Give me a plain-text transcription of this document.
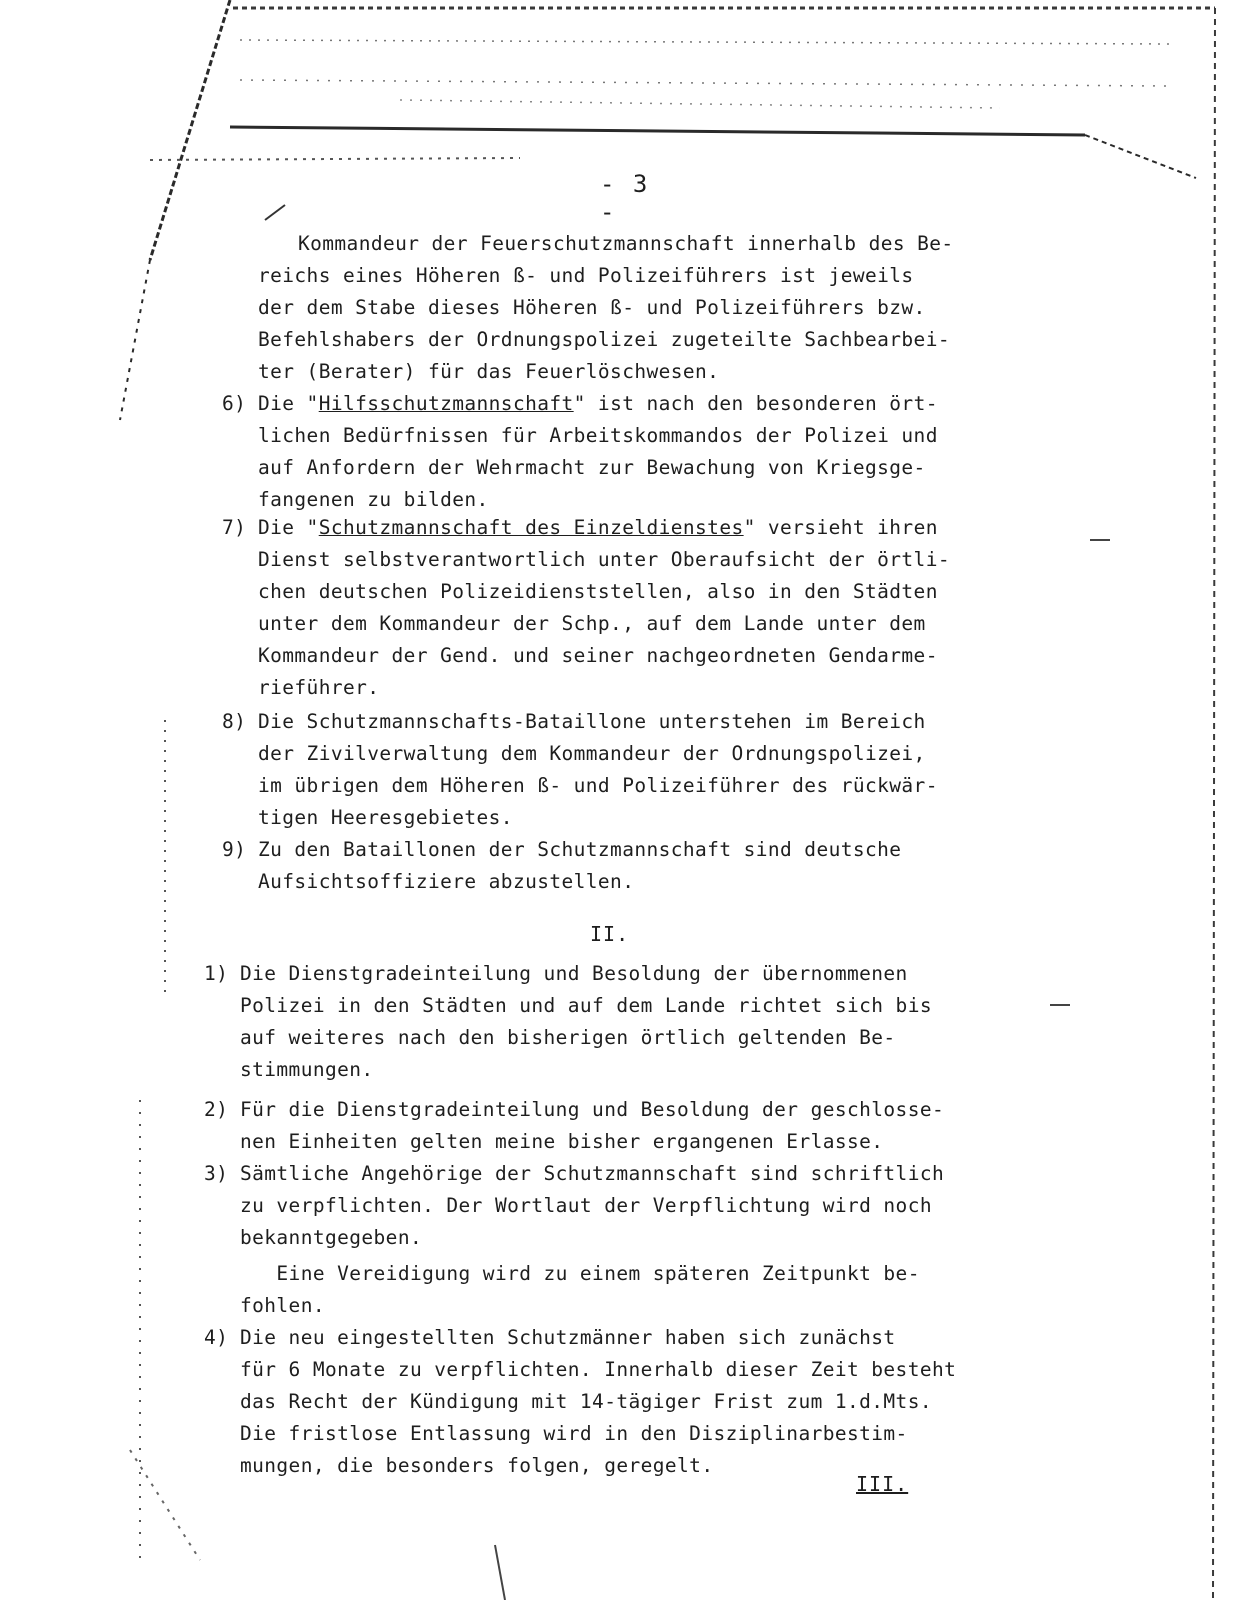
- 3 -
Kommandeur der Feuerschutzmannschaft innerhalb des Be-
reichs eines Höheren ß- und Polizeiführers ist jeweils
der dem Stabe dieses Höheren ß- und Polizeiführers bzw.
Befehlshabers der Ordnungspolizei zugeteilte Sachbearbei-
ter (Berater) für das Feuerlöschwesen.
6) Die "Hilfsschutzmannschaft" ist nach den besonderen ört-
lichen Bedürfnissen für Arbeitskommandos der Polizei und
auf Anfordern der Wehrmacht zur Bewachung von Kriegsge-
fangenen zu bilden.
7) Die "Schutzmannschaft des Einzeldienstes" versieht ihren
Dienst selbstverantwortlich unter Oberaufsicht der örtli-
chen deutschen Polizeidienststellen, also in den Städten
unter dem Kommandeur der Schp., auf dem Lande unter dem
Kommandeur der Gend. und seiner nachgeordneten Gendarme-
rieführer.
8) Die Schutzmannschafts-Bataillone unterstehen im Bereich
der Zivilverwaltung dem Kommandeur der Ordnungspolizei,
im übrigen dem Höheren ß- und Polizeiführer des rückwär-
tigen Heeresgebietes.
9) Zu den Bataillonen der Schutzmannschaft sind deutsche
Aufsichtsoffiziere abzustellen.
II.
1) Die Dienstgradeinteilung und Besoldung der übernommenen
Polizei in den Städten und auf dem Lande richtet sich bis
auf weiteres nach den bisherigen örtlich geltenden Be-
stimmungen.
2) Für die Dienstgradeinteilung und Besoldung der geschlosse-
nen Einheiten gelten meine bisher ergangenen Erlasse.
3) Sämtliche Angehörige der Schutzmannschaft sind schriftlich
zu verpflichten. Der Wortlaut der Verpflichtung wird noch
bekanntgegeben.
Eine Vereidigung wird zu einem späteren Zeitpunkt be-
fohlen.
4) Die neu eingestellten Schutzmänner haben sich zunächst
für 6 Monate zu verpflichten. Innerhalb dieser Zeit besteht
das Recht der Kündigung mit 14-tägiger Frist zum 1.d.Mts.
Die fristlose Entlassung wird in den Disziplinarbestim-
mungen, die besonders folgen, geregelt.
III.
